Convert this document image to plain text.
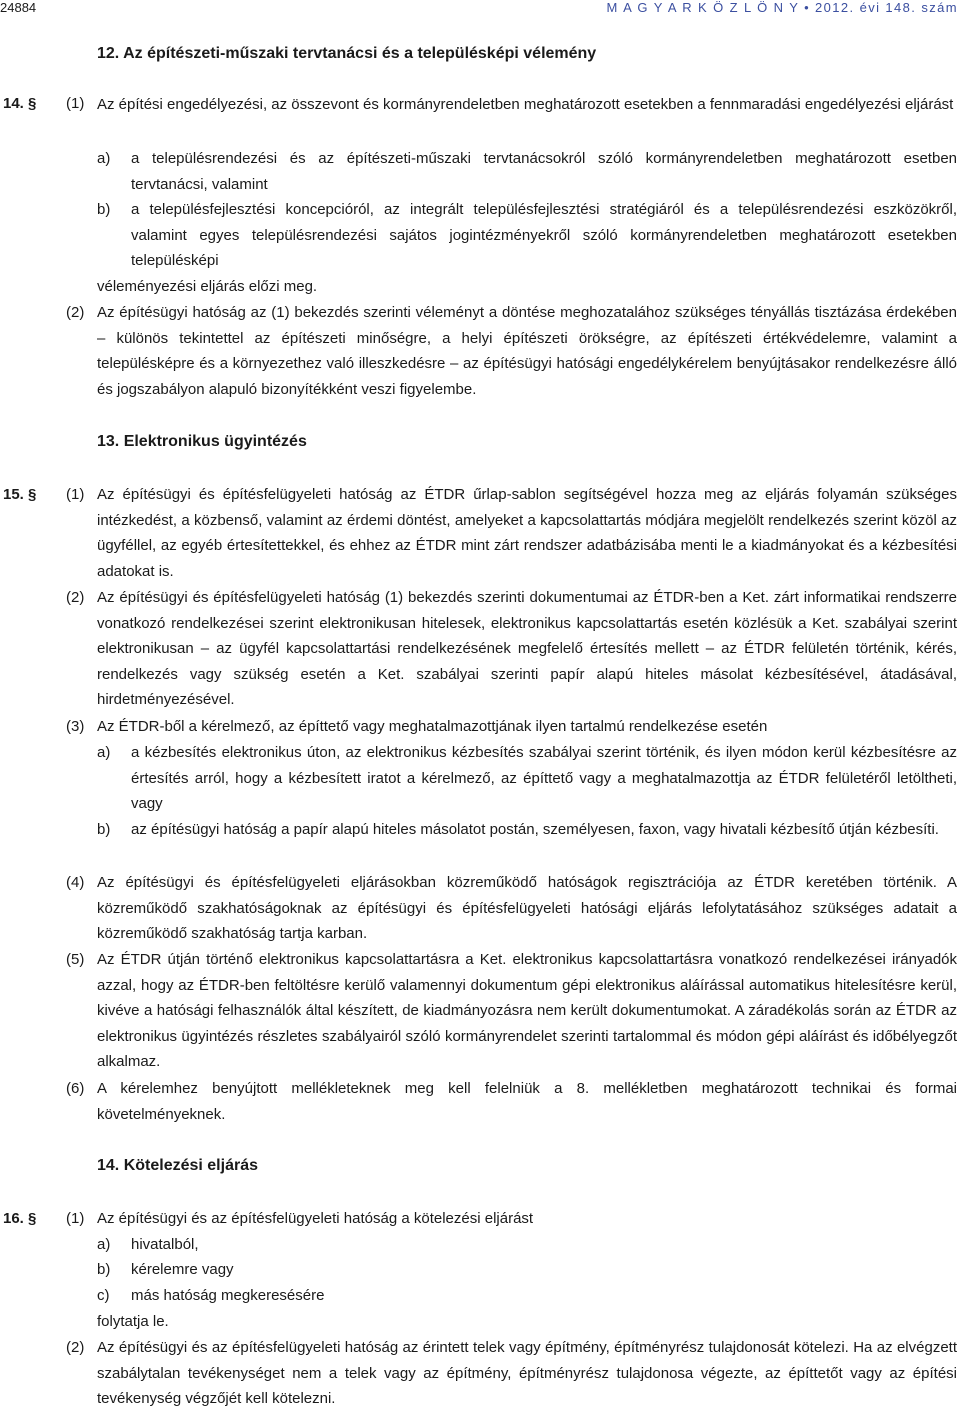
24884	M A G Y A R K Ö Z L Ö N Y • 2012. évi 148. szám
12. Az építészeti-műszaki tervtanácsi és a településképi vélemény
14. § (1) Az építési engedélyezési, az összevont és kormányrendeletben meghatározott esetekben a fennmaradási engedélyezési eljárást
a) a településrendezési és az építészeti-műszaki tervtanácsokról szóló kormányrendeletben meghatározott esetben tervtanácsi, valamint
b) a településfejlesztési koncepcióról, az integrált településfejlesztési stratégiáról és a településrendezési eszközökről, valamint egyes településrendezési sajátos jogintézményekről szóló kormányrendeletben meghatározott esetekben településképi
véleményezési eljárás előzi meg.
(2) Az építésügyi hatóság az (1) bekezdés szerinti véleményt a döntése meghozatalához szükséges tényállás tisztázása érdekében – különös tekintettel az építészeti minőségre, a helyi építészeti örökségre, az építészeti értékvédelemre, valamint a településképre és a környezethez való illeszkedésre – az építésügyi hatósági engedélykérelem benyújtásakor rendelkezésre álló és jogszabályon alapuló bizonyítékként veszi figyelembe.
13. Elektronikus ügyintézés
15. § (1) Az építésügyi és építésfelügyeleti hatóság az ÉTDR űrlap-sablon segítségével hozza meg az eljárás folyamán szükséges intézkedést, a közbenső, valamint az érdemi döntést, amelyeket a kapcsolattartás módjára megjelölt rendelkezés szerint közöl az ügyféllel, az egyéb értesítettekkel, és ehhez az ÉTDR mint zárt rendszer adatbázisába menti le a kiadmányokat és a kézbesítési adatokat is.
(2) Az építésügyi és építésfelügyeleti hatóság (1) bekezdés szerinti dokumentumai az ÉTDR-ben a Ket. zárt informatikai rendszerre vonatkozó rendelkezései szerint elektronikusan hitelesek, elektronikus kapcsolattartás esetén közlésük a Ket. szabályai szerint elektronikusan – az ügyfél kapcsolattartási rendelkezésének megfelelő értesítés mellett – az ÉTDR felületén történik, kérés, rendelkezés vagy szükség esetén a Ket. szabályai szerinti papír alapú hiteles másolat kézbesítésével, átadásával, hirdetményezésével.
(3) Az ÉTDR-ből a kérelmező, az építtető vagy meghatalmazottjának ilyen tartalmú rendelkezése esetén
a) a kézbesítés elektronikus úton, az elektronikus kézbesítés szabályai szerint történik, és ilyen módon kerül kézbesítésre az értesítés arról, hogy a kézbesített iratot a kérelmező, az építtető vagy a meghatalmazottja az ÉTDR felületéről letöltheti, vagy
b) az építésügyi hatóság a papír alapú hiteles másolatot postán, személyesen, faxon, vagy hivatali kézbesítő útján kézbesíti.
(4) Az építésügyi és építésfelügyeleti eljárásokban közreműködő hatóságok regisztrációja az ÉTDR keretében történik. A közreműködő szakhatóságoknak az építésügyi és építésfelügyeleti hatósági eljárás lefolytatásához szükséges adatait a közreműködő szakhatóság tartja karban.
(5) Az ÉTDR útján történő elektronikus kapcsolattartásra a Ket. elektronikus kapcsolattartásra vonatkozó rendelkezései irányadók azzal, hogy az ÉTDR-ben feltöltésre kerülő valamennyi dokumentum gépi elektronikus aláírással automatikus hitelesítésre kerül, kivéve a hatósági felhasználók által készített, de kiadmányozásra nem került dokumentumokat. A záradékolás során az ÉTDR az elektronikus ügyintézés részletes szabályairól szóló kormányrendelet szerinti tartalommal és módon gépi aláírást és időbélyegzőt alkalmaz.
(6) A kérelemhez benyújtott mellékleteknek meg kell felelniük a 8. mellékletben meghatározott technikai és formai követelményeknek.
14. Kötelezési eljárás
16. § (1) Az építésügyi és az építésfelügyeleti hatóság a kötelezési eljárást
a) hivatalból,
b) kérelemre vagy
c) más hatóság megkeresésére
folytatja le.
(2) Az építésügyi és az építésfelügyeleti hatóság az érintett telek vagy építmény, építményrész tulajdonosát kötelezi. Ha az elvégzett szabálytalan tevékenységet nem a telek vagy az építmény, építményrész tulajdonosa végezte, az építtetőt vagy az építési tevékenység végzőjét kell kötelezni.
